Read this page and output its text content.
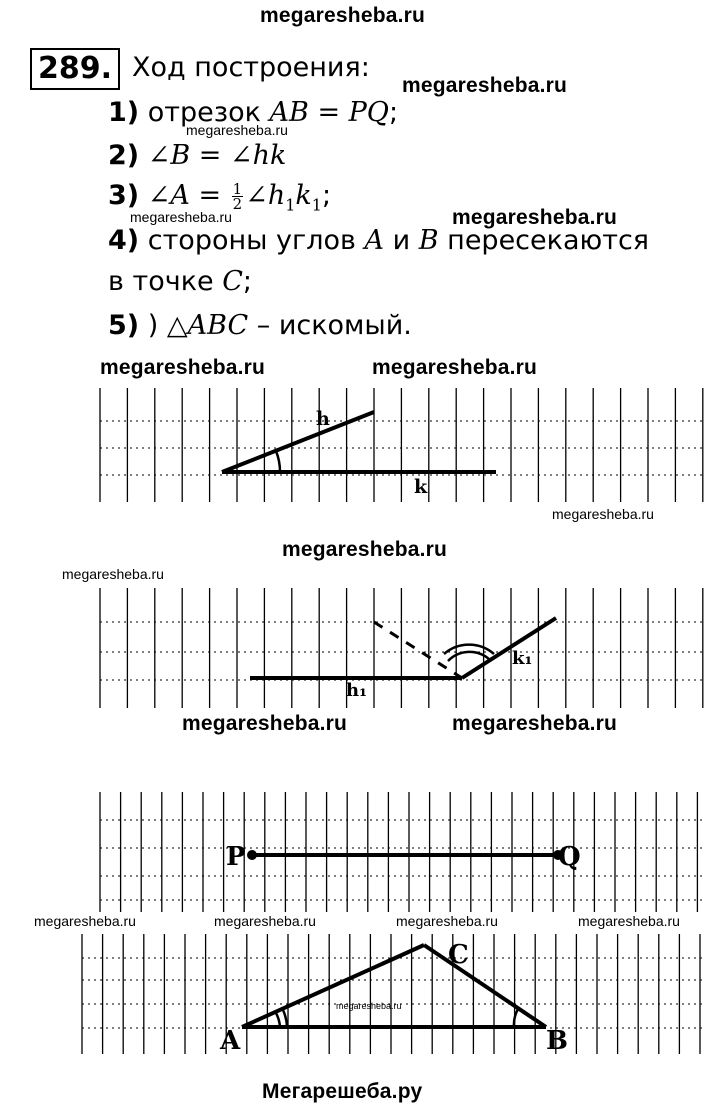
megaresheba.ru
289. Ход построения:
megaresheba.ru
1) отрезок AB = PQ;
megaresheba.ru
2) ∠B = ∠hk
3) ∠A = $\frac{1}{2}$ $\angle h_1k_1$;
megaresheba.ru	megaresheba.ru
4) стороны углов A и B пересекаются
в точке C;
5) ) △ABC – искомый.
megaresheba.ru	megaresheba.ru
h
k
megaresheba.ru
megaresheba.ru
megaresheba.ru
h₁
k₁
megaresheba.ru	megaresheba.ru
P	Q
megaresheba.ru	megaresheba.ru	megaresheba.ru	megaresheba.ru
C
A	B
megaresheba.ru
Мегарешеба.ру
